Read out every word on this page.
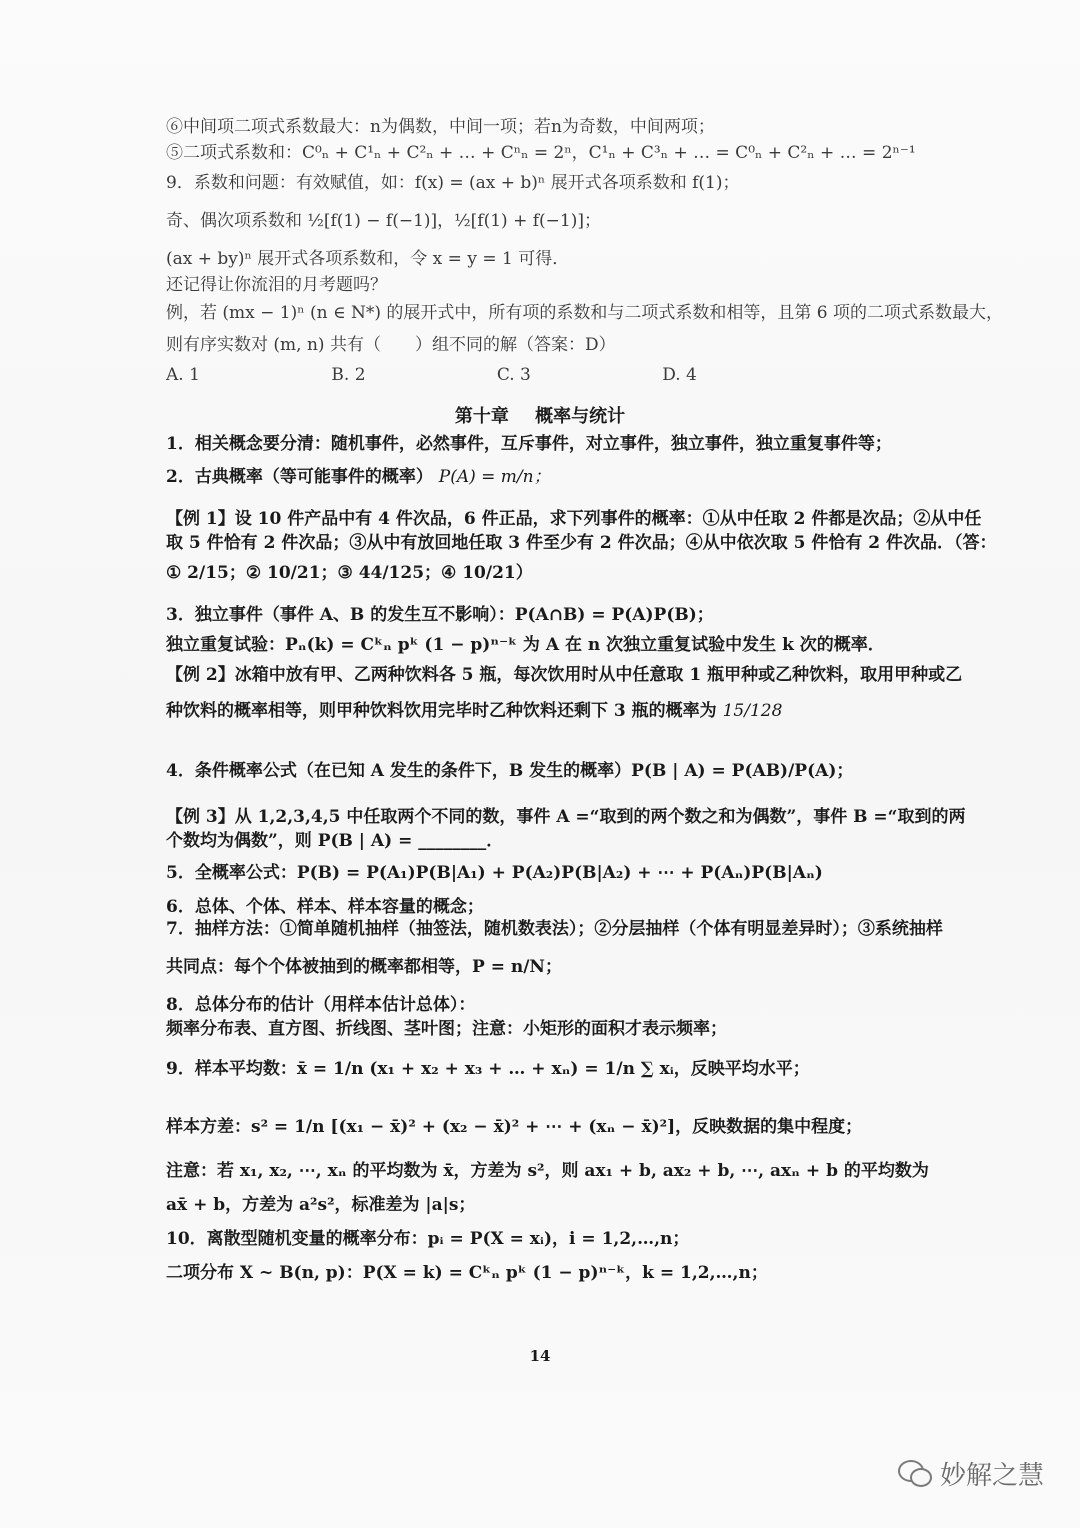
⑥中间项二项式系数最大：n为偶数，中间一项；若n为奇数，中间两项；
⑤二项式系数和：C⁰ₙ + C¹ₙ + C²ₙ + … + Cⁿₙ = 2ⁿ，C¹ₙ + C³ₙ + … = C⁰ₙ + C²ₙ + … = 2ⁿ⁻¹
9．系数和问题：有效赋值，如：f(x) = (ax + b)ⁿ 展开式各项系数和 f(1)；
奇、偶次项系数和 ½[f(1) − f(−1)]，½[f(1) + f(−1)]；
(ax + by)ⁿ 展开式各项系数和，令 x = y = 1 可得．
还记得让你流泪的月考题吗？
例，若 (mx − 1)ⁿ (n ∈ N*) 的展开式中，所有项的系数和与二项式系数和相等，且第 6 项的二项式系数最大，
则有序实数对 (m, n) 共有（　　）组不同的解（答案：D）
A. 1	B. 2	C. 3	D. 4
第十章 概率与统计
1．相关概念要分清：随机事件，必然事件，互斥事件，对立事件，独立事件，独立重复事件等；
2．古典概率（等可能事件的概率） P(A) = m/n；
【例 1】设 10 件产品中有 4 件次品，6 件正品，求下列事件的概率：①从中任取 2 件都是次品；②从中任
取 5 件恰有 2 件次品；③从中有放回地任取 3 件至少有 2 件次品；④从中依次取 5 件恰有 2 件次品．（答：
① 2/15；② 10/21；③ 44/125；④ 10/21）
3．独立事件（事件 A、B 的发生互不影响）：P(A∩B) = P(A)P(B)；
独立重复试验：Pₙ(k) = Cᵏₙ pᵏ (1 − p)ⁿ⁻ᵏ 为 A 在 n 次独立重复试验中发生 k 次的概率．
【例 2】冰箱中放有甲、乙两种饮料各 5 瓶，每次饮用时从中任意取 1 瓶甲种或乙种饮料，取用甲种或乙
种饮料的概率相等，则甲种饮料饮用完毕时乙种饮料还剩下 3 瓶的概率为 15/128
4．条件概率公式（在已知 A 发生的条件下，B 发生的概率）P(B | A) = P(AB)/P(A)；
【例 3】从 1,2,3,4,5 中任取两个不同的数，事件 A =“取到的两个数之和为偶数”，事件 B =“取到的两
个数均为偶数”，则 P(B | A) = ________．
5．全概率公式：P(B) = P(A₁)P(B|A₁) + P(A₂)P(B|A₂) + ⋯ + P(Aₙ)P(B|Aₙ)
6．总体、个体、样本、样本容量的概念；
7．抽样方法：①简单随机抽样（抽签法，随机数表法）；②分层抽样（个体有明显差异时）；③系统抽样
共同点：每个个体被抽到的概率都相等，P = n/N；
8．总体分布的估计（用样本估计总体）：
频率分布表、直方图、折线图、茎叶图；注意：小矩形的面积才表示频率；
9．样本平均数：x̄ = 1/n (x₁ + x₂ + x₃ + … + xₙ) = 1/n ∑ xᵢ，反映平均水平；
样本方差：s² = 1/n [(x₁ − x̄)² + (x₂ − x̄)² + ⋯ + (xₙ − x̄)²]，反映数据的集中程度；
注意：若 x₁, x₂, ⋯, xₙ 的平均数为 x̄，方差为 s²，则 ax₁ + b, ax₂ + b, ⋯, axₙ + b 的平均数为
ax̄ + b，方差为 a²s²，标准差为 |a|s；
10．离散型随机变量的概率分布：pᵢ = P(X = xᵢ)，i = 1,2,…,n；
二项分布 X ~ B(n, p)：P(X = k) = Cᵏₙ pᵏ (1 − p)ⁿ⁻ᵏ，k = 1,2,…,n；
14
妙解之慧
